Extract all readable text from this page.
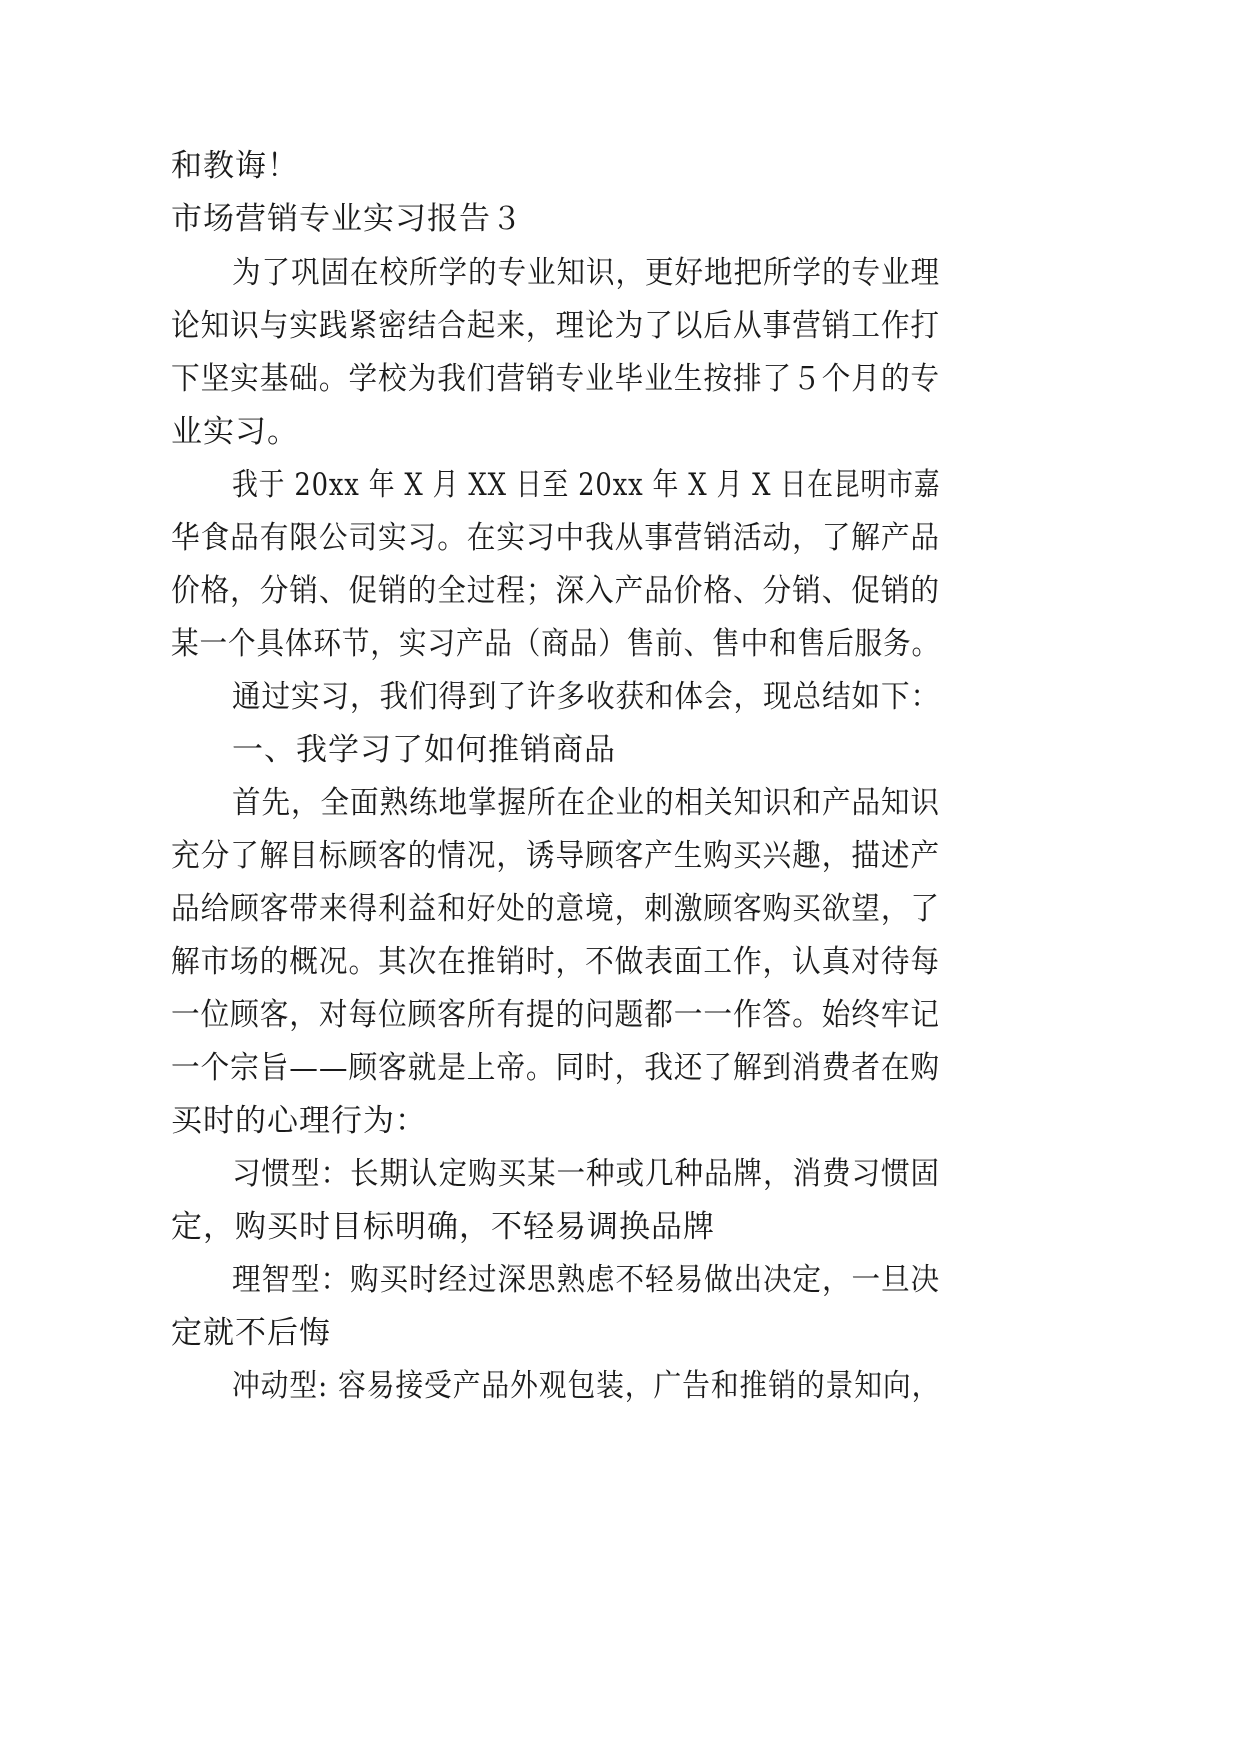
和教诲！
市场营销专业实习报告３
为了巩固在校所学的专业知识，更好地把所学的专业理
论知识与实践紧密结合起来，理论为了以后从事营销工作打
下坚实基础。学校为我们营销专业毕业生按排了５个月的专
业实习。
我于 20xx 年 X 月 XX 日至 20xx 年 X 月 X 日在昆明市嘉
华食品有限公司实习。在实习中我从事营销活动，了解产品
价格，分销、促销的全过程；深入产品价格、分销、促销的
某一个具体环节，实习产品（商品）售前、售中和售后服务。
通过实习，我们得到了许多收获和体会，现总结如下：
一、我学习了如何推销商品
首先，全面熟练地掌握所在企业的相关知识和产品知识
充分了解目标顾客的情况，诱导顾客产生购买兴趣，描述产
品给顾客带来得利益和好处的意境，刺激顾客购买欲望，了
解市场的概况。其次在推销时，不做表面工作，认真对待每
一位顾客，对每位顾客所有提的问题都一一作答。始终牢记
一个宗旨——顾客就是上帝。同时，我还了解到消费者在购
买时的心理行为：
习惯型：长期认定购买某一种或几种品牌，消费习惯固
定，购买时目标明确，不轻易调换品牌
理智型：购买时经过深思熟虑不轻易做出决定，一旦决
定就不后悔
冲动型: 容易接受产品外观包装，广告和推销的景知向，
